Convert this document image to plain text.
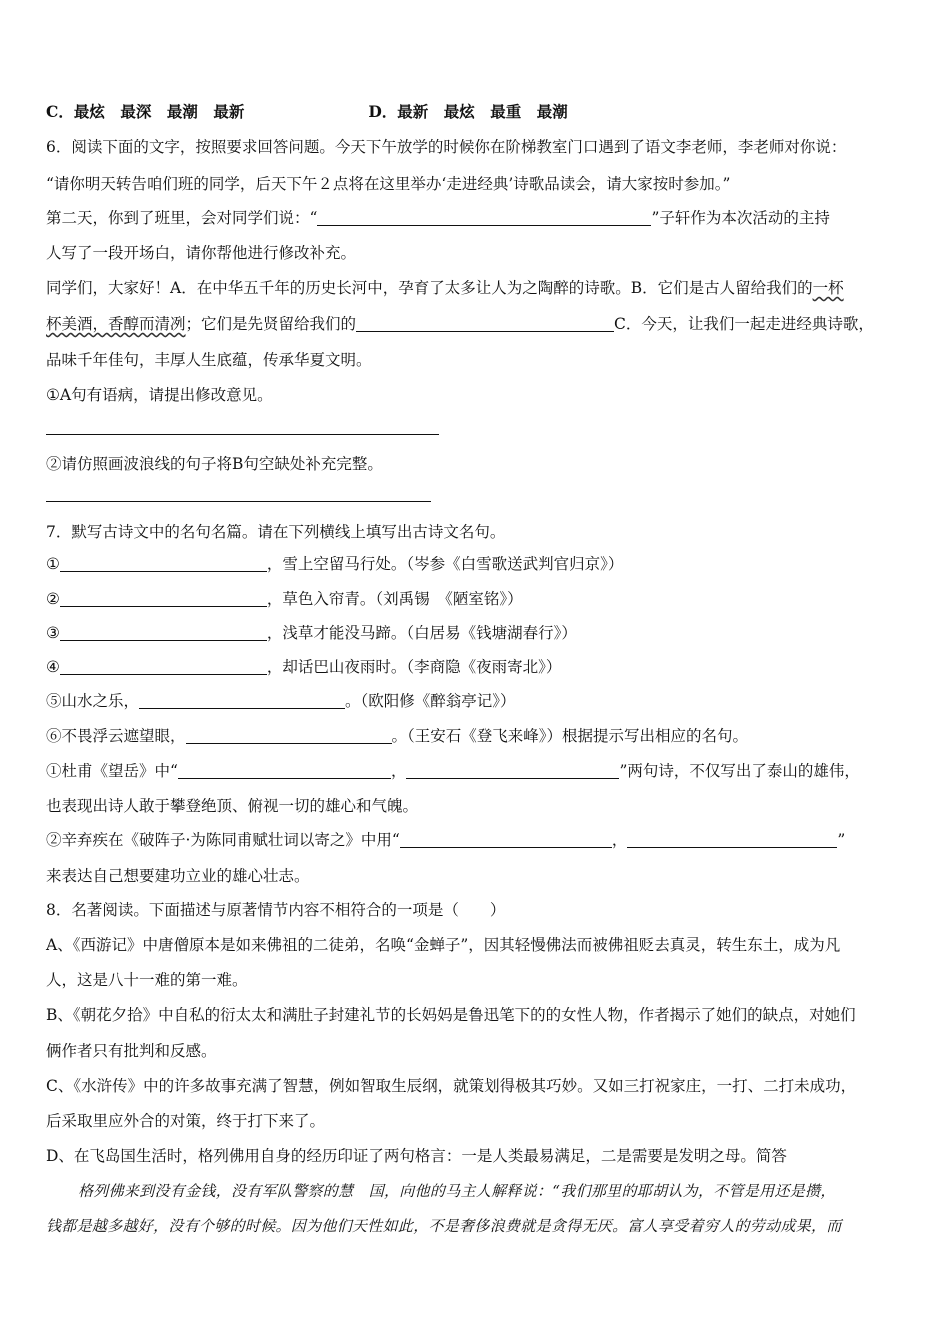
C．最炫　最深　最潮　最新	D．最新　最炫　最重　最潮
6．阅读下面的文字，按照要求回答问题。今天下午放学的时候你在阶梯教室门口遇到了语文李老师，李老师对你说：
“请你明天转告咱们班的同学，后天下午２点将在这里举办‘走进经典’诗歌品读会，请大家按时参加。”
第二天，你到了班里，会对同学们说：“	”子轩作为本次活动的主持
人写了一段开场白，请你帮他进行修改补充。
同学们，大家好！A．在中华五千年的历史长河中，孕育了太多让人为之陶醉的诗歌。B．它们是古人留给我们的一杯
杯美酒，香醇而清冽；它们是先贤留给我们的	C．今天，让我们一起走进经典诗歌，
品味千年佳句，丰厚人生底蕴，传承华夏文明。
①A句有语病，请提出修改意见。
②请仿照画波浪线的句子将B句空缺处补充完整。
7．默写古诗文中的名句名篇。请在下列横线上填写出古诗文名句。
①	，雪上空留马行处。（岑参《白雪歌送武判官归京》）
②	，草色入帘青。（刘禹锡　《陋室铭》）
③	，浅草才能没马蹄。（白居易《钱塘湖春行》）
④	，却话巴山夜雨时。（李商隐《夜雨寄北》）
⑤山水之乐，	。（欧阳修《醉翁亭记》）
⑥不畏浮云遮望眼，	。（王安石《登飞来峰》）根据提示写出相应的名句。
①杜甫《望岳》中“	，	”两句诗，不仅写出了泰山的雄伟，
也表现出诗人敢于攀登绝顶、俯视一切的雄心和气魄。
②辛弃疾在《破阵子·为陈同甫赋壮词以寄之》中用“	，	”
来表达自己想要建功立业的雄心壮志。
8．名著阅读。下面描述与原著情节内容不相符合的一项是（　　）
A、《西游记》中唐僧原本是如来佛祖的二徒弟，名唤“金蝉子”，因其轻慢佛法而被佛祖贬去真灵，转生东土，成为凡
人，这是八十一难的第一难。
B、《朝花夕拾》中自私的衍太太和满肚子封建礼节的长妈妈是鲁迅笔下的的女性人物，作者揭示了她们的缺点，对她们
俩作者只有批判和反感。
C、《水浒传》中的许多故事充满了智慧，例如智取生辰纲，就策划得极其巧妙。又如三打祝家庄，一打、二打未成功，
后采取里应外合的对策，终于打下来了。
D、在飞岛国生活时，格列佛用自身的经历印证了两句格言：一是人类最易满足，二是需要是发明之母。简答
格列佛来到没有金钱，没有军队警察的慧　国，向他的马主人解释说：“我们那里的耶胡认为，不管是用还是攒，
钱都是越多越好，没有个够的时候。因为他们天性如此，不是奢侈浪费就是贪得无厌。富人享受着穷人的劳动成果，而
